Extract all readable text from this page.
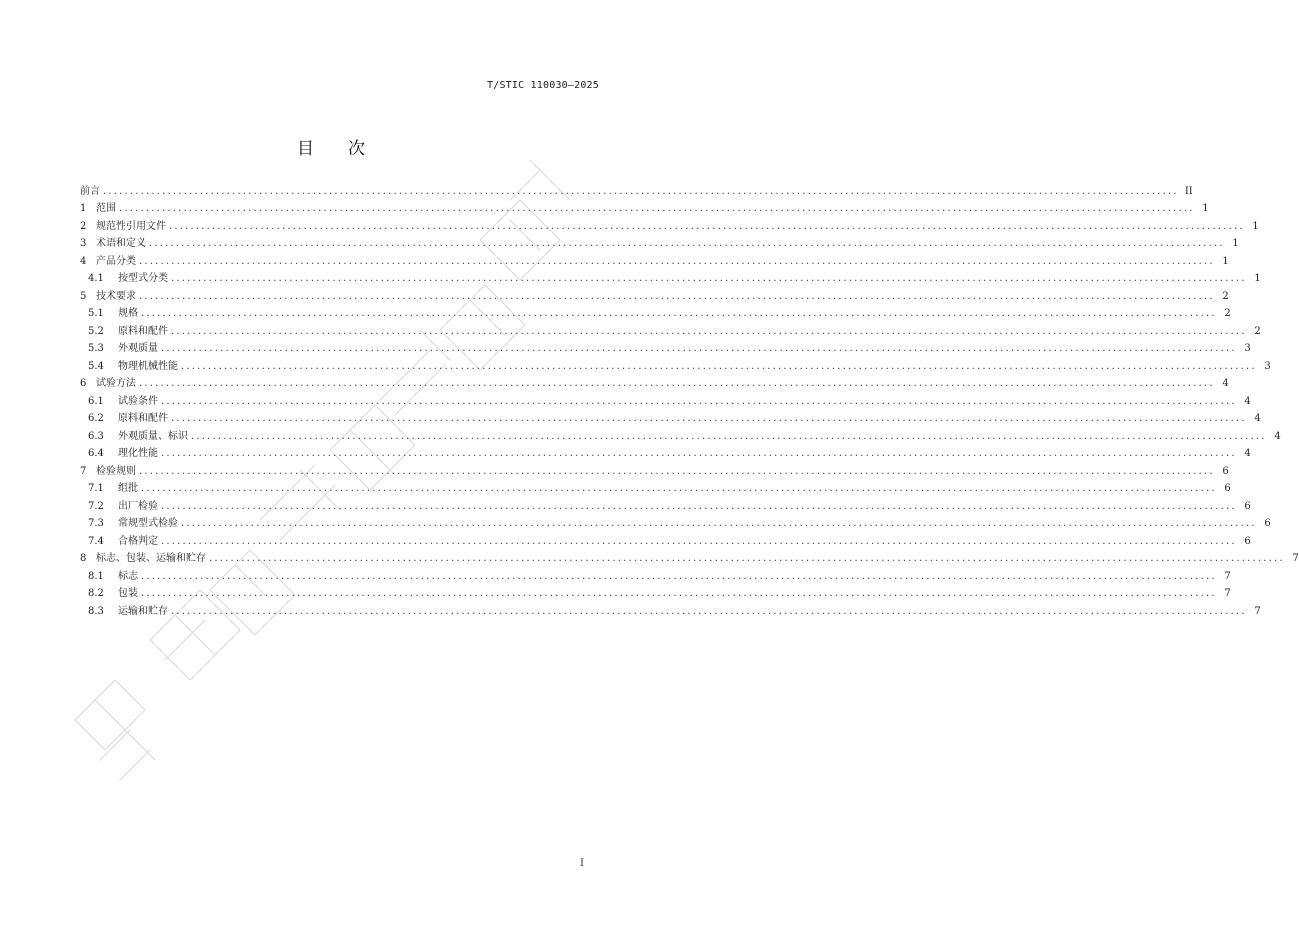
T/STIC 110030—2025
目次
前言 ........................................................................................................................................................................................................ II
1 范围 ........................................................................................................................................................................................................ 1
2 规范性引用文件 ........................................................................................................................................................................................................ 1
3 术语和定义 ........................................................................................................................................................................................................ 1
4 产品分类 ........................................................................................................................................................................................................ 1
4.1	按型式分类 ........................................................................................................................................................................................................ 1
5 技术要求 ........................................................................................................................................................................................................ 2
5.1	规格 ........................................................................................................................................................................................................ 2
5.2	原料和配件 ........................................................................................................................................................................................................ 2
5.3	外观质量 ........................................................................................................................................................................................................ 3
5.4	物理机械性能 ........................................................................................................................................................................................................ 3
6 试验方法 ........................................................................................................................................................................................................ 4
6.1	试验条件 ........................................................................................................................................................................................................ 4
6.2	原料和配件 ........................................................................................................................................................................................................ 4
6.3	外观质量、标识 ........................................................................................................................................................................................................ 4
6.4	理化性能 ........................................................................................................................................................................................................ 4
7 检验规则 ........................................................................................................................................................................................................ 6
7.1	组批 ........................................................................................................................................................................................................ 6
7.2	出厂检验 ........................................................................................................................................................................................................ 6
7.3	常规型式检验 ........................................................................................................................................................................................................ 6
7.4	合格判定 ........................................................................................................................................................................................................ 6
8 标志、包装、运输和贮存 ........................................................................................................................................................................................................ 7
8.1	标志 ........................................................................................................................................................................................................ 7
8.2	包装 ........................................................................................................................................................................................................ 7
8.3	运输和贮存 ........................................................................................................................................................................................................ 7
I
